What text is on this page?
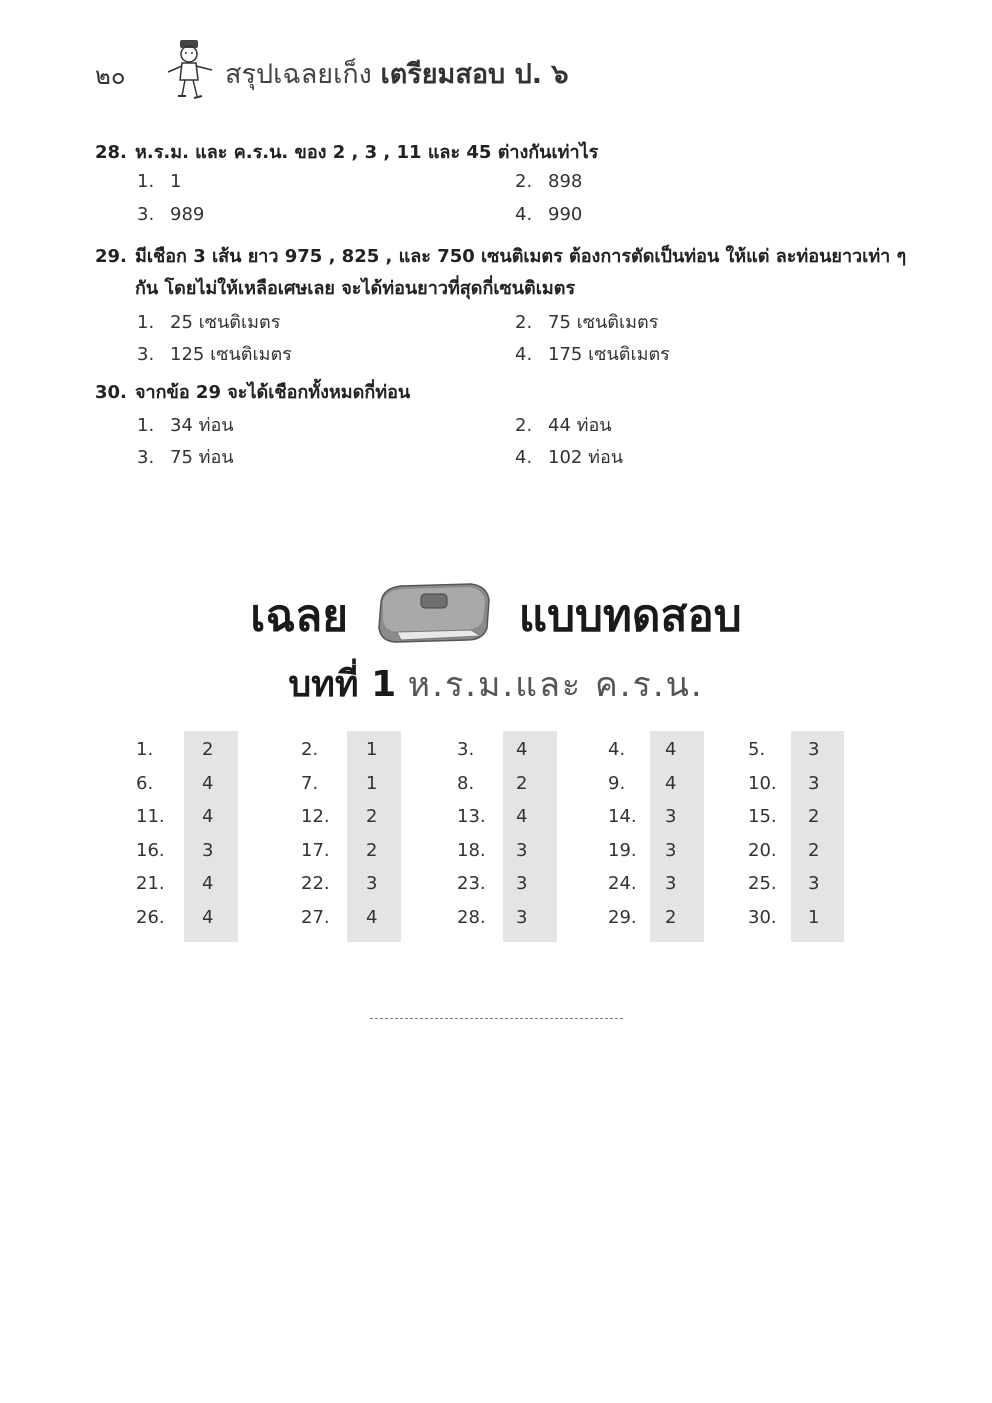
๒๐	สรุปเฉลยเก็ง เตรียมสอบ ป. ๖
28. ห.ร.ม. และ ค.ร.น. ของ 2 , 3 , 11 และ 45 ต่างกันเท่าไร
1. 1	2. 898
3. 989	4. 990
29. มีเชือก 3 เส้น ยาว 975 , 825 , และ 750 เซนติเมตร ต้องการตัดเป็นท่อน ให้แต่ ละท่อนยาวเท่า ๆ
กัน โดยไม่ให้เหลือเศษเลย จะได้ท่อนยาวที่สุดกี่เซนติเมตร
1. 25 เซนติเมตร	2. 75 เซนติเมตร
3. 125 เซนติเมตร	4. 175 เซนติเมตร
30. จากข้อ 29 จะได้เชือกทั้งหมดกี่ท่อน
1. 34 ท่อน	2. 44 ท่อน
3. 75 ท่อน	4. 102 ท่อน
เฉลย	แบบทดสอบ
บทที่ 1 ห.ร.ม.และ ค.ร.น.
1.	2	2.	1	3. 4	4. 4	5. 3
6.	4	7.	1	8. 2	9. 4	10. 3
11. 4	12. 2	13. 4	14. 3	15. 2
16. 3	17. 2	18. 3	19. 3	20. 2
21. 4	22. 3	23. 3	24. 3	25. 3
26. 4	27. 4	28. 3	29. 2	30. 1
